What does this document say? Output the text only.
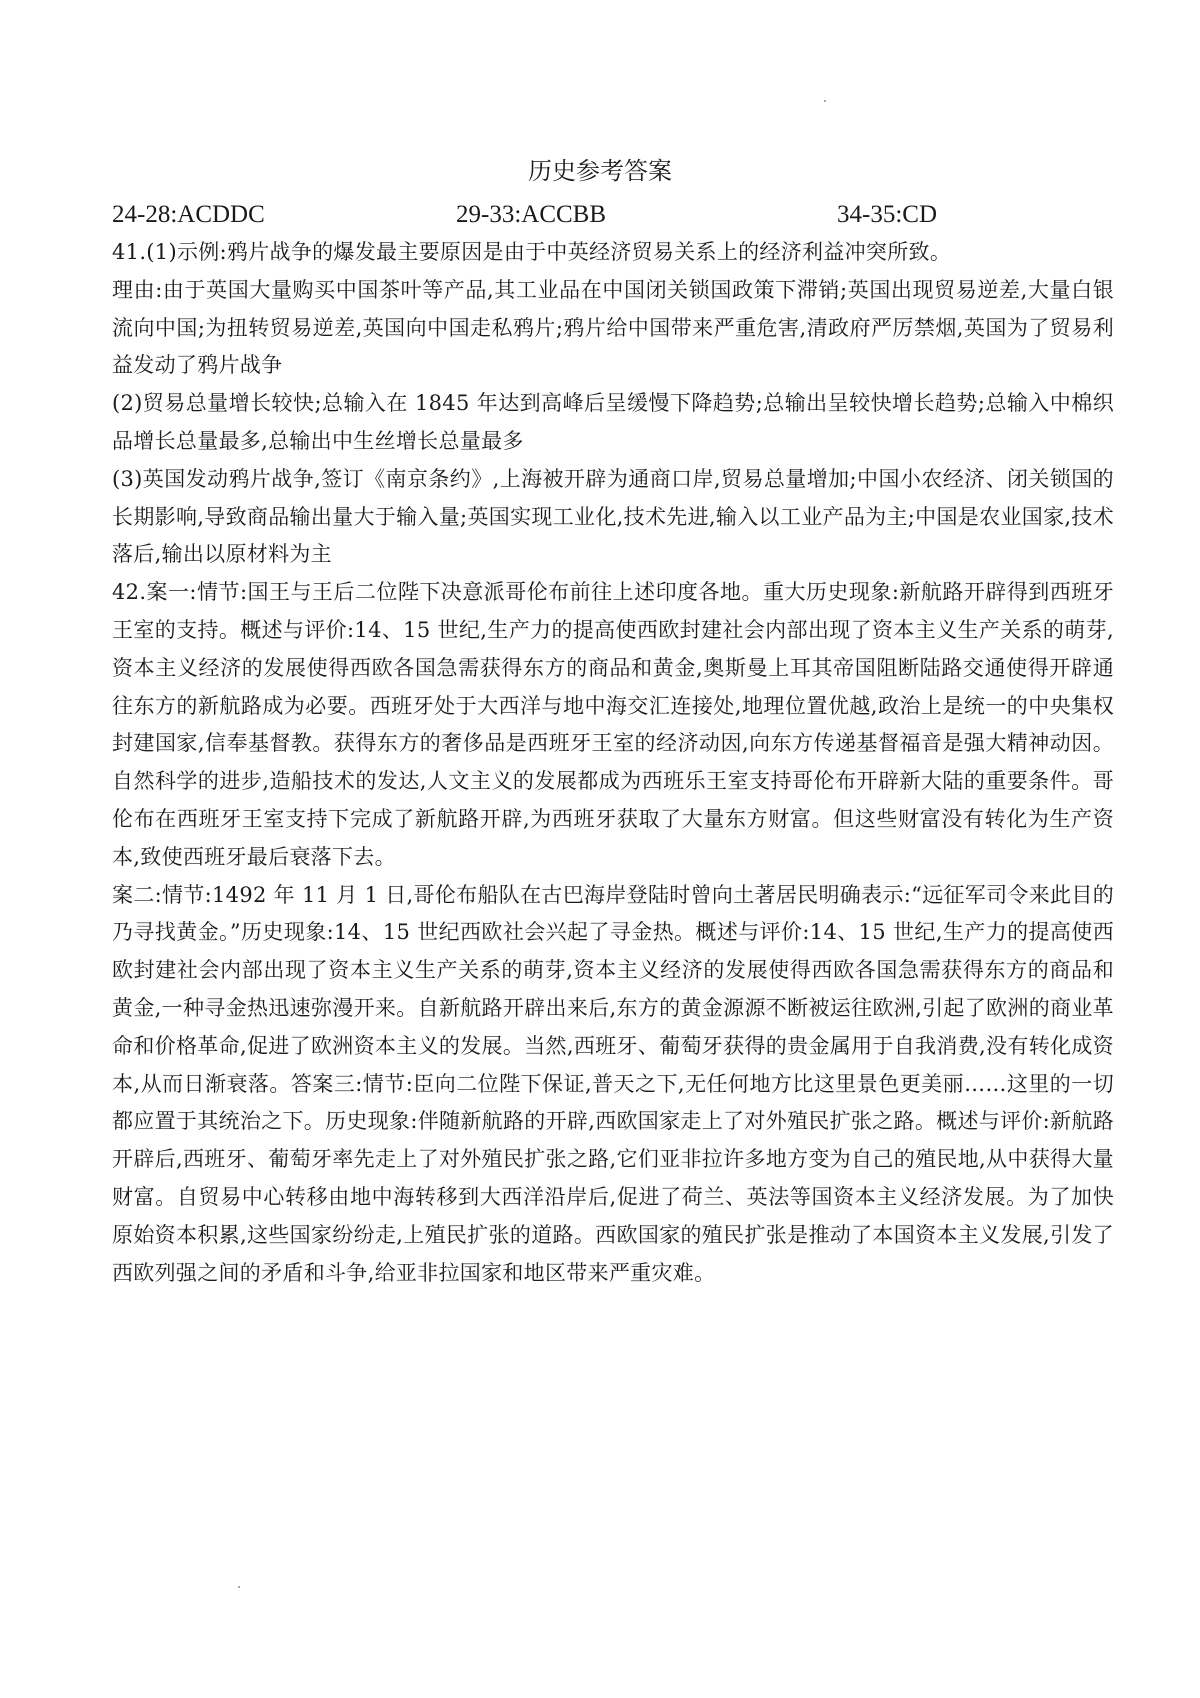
历史参考答案
24-28:ACDDC	29-33:ACCBB	34-35:CD

41.(1)示例:鸦片战争的爆发最主要原因是由于中英经济贸易关系上的经济利益冲突所致。

理由:由于英国大量购买中国茶叶等产品,其工业品在中国闭关锁国政策下滞销;英国出现贸易逆差,大量白银流向中国;为扭转贸易逆差,英国向中国走私鸦片;鸦片给中国带来严重危害,清政府严厉禁烟,英国为了贸易利益发动了鸦片战争

(2)贸易总量增长较快;总输入在 1845 年达到高峰后呈缓慢下降趋势;总输出呈较快增长趋势;总输入中棉织品增长总量最多,总输出中生丝增长总量最多

(3)英国发动鸦片战争,签订《南京条约》,上海被开辟为通商口岸,贸易总量增加;中国小农经济、闭关锁国的长期影响,导致商品输出量大于输入量;英国实现工业化,技术先进,输入以工业产品为主;中国是农业国家,技术落后,输出以原材料为主

42.案一:情节:国王与王后二位陛下决意派哥伦布前往上述印度各地。重大历史现象:新航路开辟得到西班牙王室的支持。概述与评价:14、15 世纪,生产力的提高使西欧封建社会内部出现了资本主义生产关系的萌芽,资本主义经济的发展使得西欧各国急需获得东方的商品和黄金,奥斯曼上耳其帝国阻断陆路交通使得开辟通往东方的新航路成为必要。西班牙处于大西洋与地中海交汇连接处,地理位置优越,政治上是统一的中央集权封建国家,信奉基督教。获得东方的奢侈品是西班牙王室的经济动因,向东方传递基督福音是强大精神动因。自然科学的进步,造船技术的发达,人文主义的发展都成为西班乐王室支持哥伦布开辟新大陆的重要条件。哥伦布在西班牙王室支持下完成了新航路开辟,为西班牙获取了大量东方财富。但这些财富没有转化为生产资本,致使西班牙最后衰落下去。

案二:情节:1492 年 11 月 1 日,哥伦布船队在古巴海岸登陆时曾向土著居民明确表示:“远征军司令来此目的乃寻找黄金。”历史现象:14、15 世纪西欧社会兴起了寻金热。概述与评价:14、15 世纪,生产力的提高使西欧封建社会内部出现了资本主义生产关系的萌芽,资本主义经济的发展使得西欧各国急需获得东方的商品和黄金,一种寻金热迅速弥漫开来。自新航路开辟出来后,东方的黄金源源不断被运往欧洲,引起了欧洲的商业革命和价格革命,促进了欧洲资本主义的发展。当然,西班牙、葡萄牙获得的贵金属用于自我消费,没有转化成资本,从而日渐衰落。答案三:情节:臣向二位陛下保证,普天之下,无任何地方比这里景色更美丽……这里的一切都应置于其统治之下。历史现象:伴随新航路的开辟,西欧国家走上了对外殖民扩张之路。概述与评价:新航路开辟后,西班牙、葡萄牙率先走上了对外殖民扩张之路,它们亚非拉许多地方变为自己的殖民地,从中获得大量财富。自贸易中心转移由地中海转移到大西洋沿岸后,促进了荷兰、英法等国资本主义经济发展。为了加快原始资本积累,这些国家纷纷走,上殖民扩张的道路。西欧国家的殖民扩张是推动了本国资本主义发展,引发了西欧列强之间的矛盾和斗争,给亚非拉国家和地区带来严重灾难。
